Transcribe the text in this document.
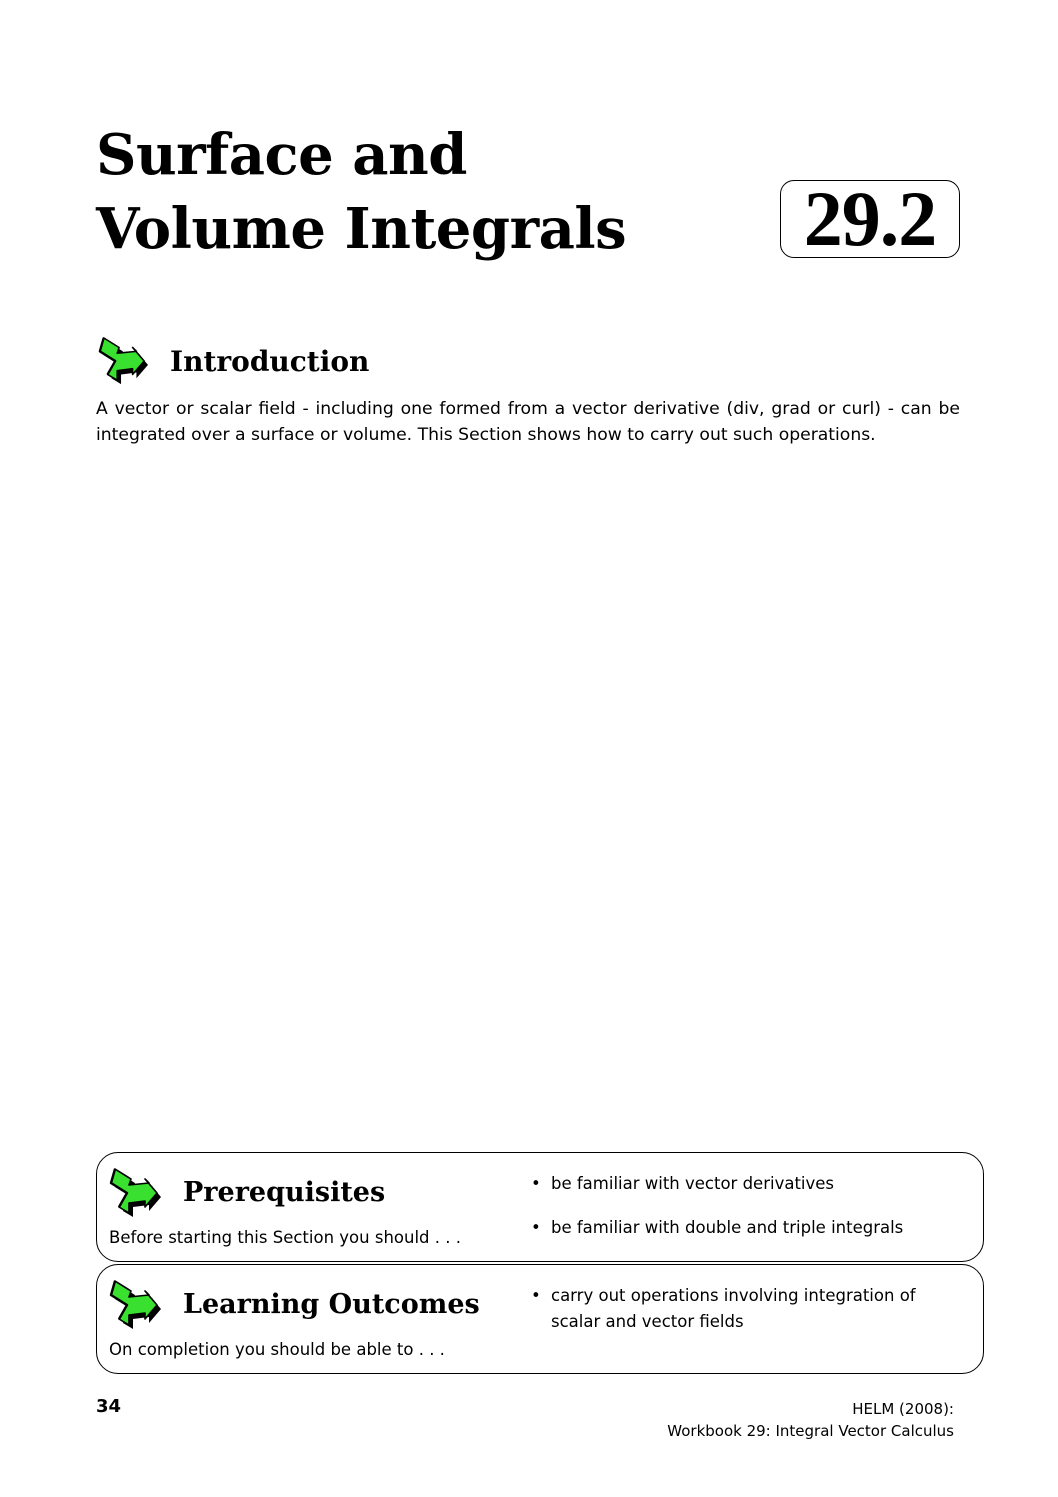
Surface and
Volume Integrals	29.2
Introduction

A vector or scalar field - including one formed from a vector derivative (div, grad or curl) - can be integrated over a surface or volume. This Section shows how to carry out such operations.

Prerequisites

Before starting this Section you should . . .

• be familiar with vector derivatives
• be familiar with double and triple integrals
Learning Outcomes

On completion you should be able to . . .

• carry out operations involving integration of scalar and vector fields

34	HELM (2008):
Workbook 29: Integral Vector Calculus
